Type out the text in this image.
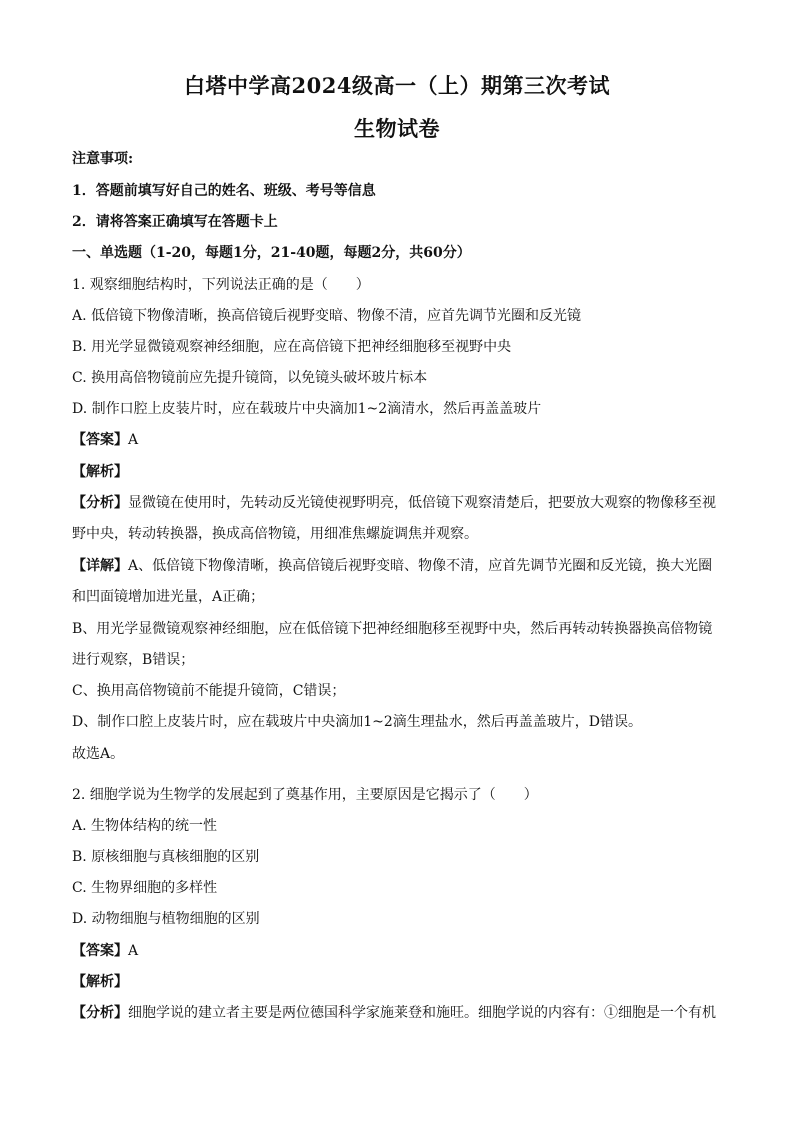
白塔中学高2024级高一（上）期第三次考试
生物试卷
注意事项:
1．答题前填写好自己的姓名、班级、考号等信息
2．请将答案正确填写在答题卡上
一、单选题（1-20，每题1分，21-40题，每题2分，共60分）
1. 观察细胞结构时，下列说法正确的是（　　）
A. 低倍镜下物像清晰，换高倍镜后视野变暗、物像不清，应首先调节光圈和反光镜
B. 用光学显微镜观察神经细胞，应在高倍镜下把神经细胞移至视野中央
C. 换用高倍物镜前应先提升镜筒，以免镜头破坏玻片标本
D. 制作口腔上皮装片时，应在载玻片中央滴加1~2滴清水，然后再盖盖玻片
【答案】A
【解析】
【分析】显微镜在使用时，先转动反光镜使视野明亮，低倍镜下观察清楚后，把要放大观察的物像移至视
野中央，转动转换器，换成高倍物镜，用细准焦螺旋调焦并观察。
【详解】A、低倍镜下物像清晰，换高倍镜后视野变暗、物像不清，应首先调节光圈和反光镜，换大光圈
和凹面镜增加进光量，A正确；
B、用光学显微镜观察神经细胞，应在低倍镜下把神经细胞移至视野中央，然后再转动转换器换高倍物镜
进行观察，B错误；
C、换用高倍物镜前不能提升镜筒，C错误；
D、制作口腔上皮装片时，应在载玻片中央滴加1~2滴生理盐水，然后再盖盖玻片，D错误。
故选A。
2. 细胞学说为生物学的发展起到了奠基作用，主要原因是它揭示了（　　）
A. 生物体结构的统一性
B. 原核细胞与真核细胞的区别
C. 生物界细胞的多样性
D. 动物细胞与植物细胞的区别
【答案】A
【解析】
【分析】细胞学说的建立者主要是两位德国科学家施莱登和施旺。细胞学说的内容有：①细胞是一个有机
